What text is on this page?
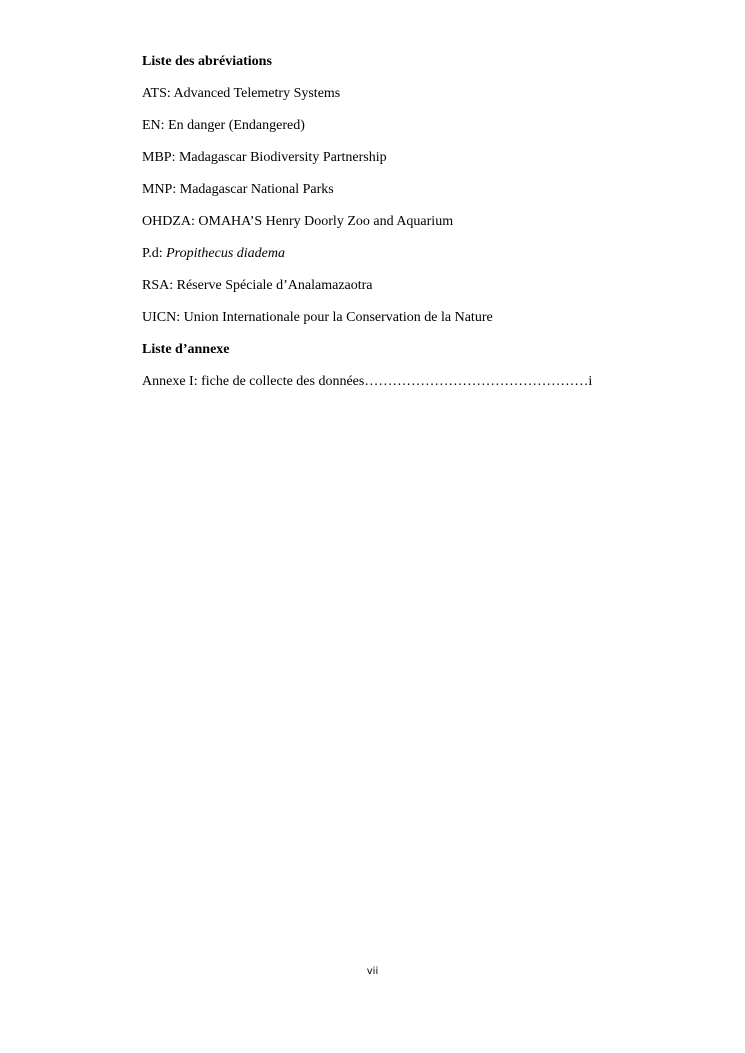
Liste des abréviations
ATS: Advanced Telemetry Systems
EN: En danger (Endangered)
MBP: Madagascar Biodiversity Partnership
MNP: Madagascar National Parks
OHDZA: OMAHA’S Henry Doorly Zoo and Aquarium
P.d: Propithecus diadema
RSA: Réserve Spéciale d’Analamazaotra
UICN: Union Internationale pour la Conservation de la Nature
Liste d’annexe
Annexe I: fiche de collecte des données…………………………………………i
vii
